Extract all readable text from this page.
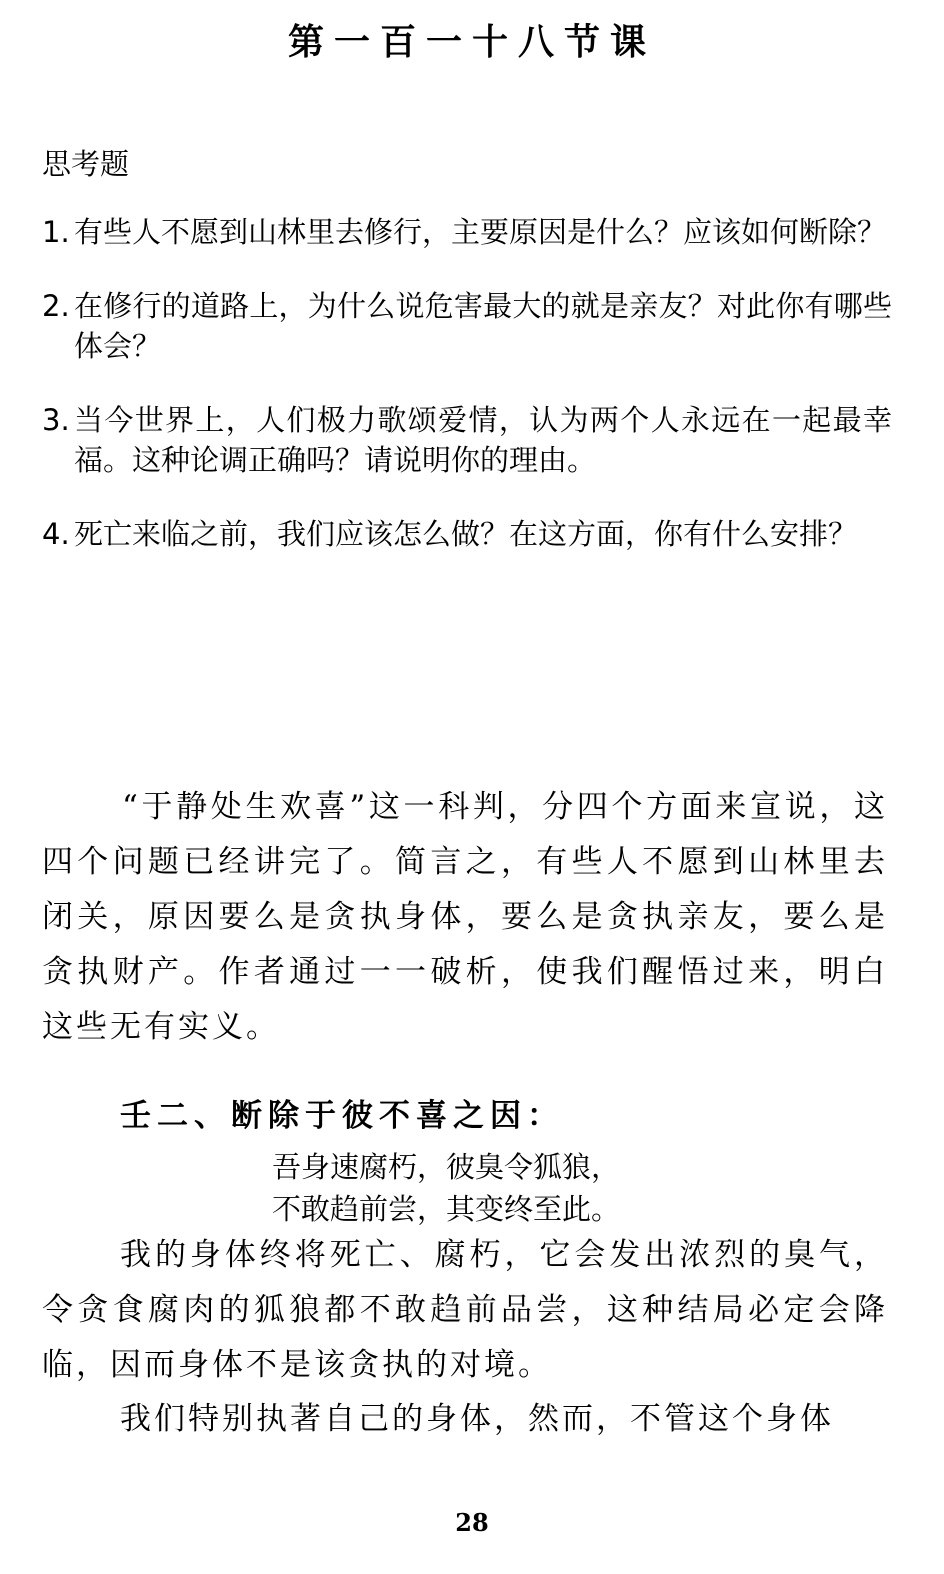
第一百一十八节课
思考题
1. 有些人不愿到山林里去修行，主要原因是什么？应该如何断除？
2. 在修行的道路上，为什么说危害最大的就是亲友？对此你有哪些体会？
3. 当今世界上，人们极力歌颂爱情，认为两个人永远在一起最幸福。这种论调正确吗？请说明你的理由。
4. 死亡来临之前，我们应该怎么做？在这方面，你有什么安排？
“于静处生欢喜”这一科判，分四个方面来宣说，这四个问题已经讲完了。简言之，有些人不愿到山林里去闭关，原因要么是贪执身体，要么是贪执亲友，要么是贪执财产。作者通过一一破析，使我们醒悟过来，明白这些无有实义。
壬二、断除于彼不喜之因：
吾身速腐朽，彼臭令狐狼，
不敢趋前尝，其变终至此。
我的身体终将死亡、腐朽，它会发出浓烈的臭气，令贪食腐肉的狐狼都不敢趋前品尝，这种结局必定会降临，因而身体不是该贪执的对境。
我们特别执著自己的身体，然而，不管这个身体
28
